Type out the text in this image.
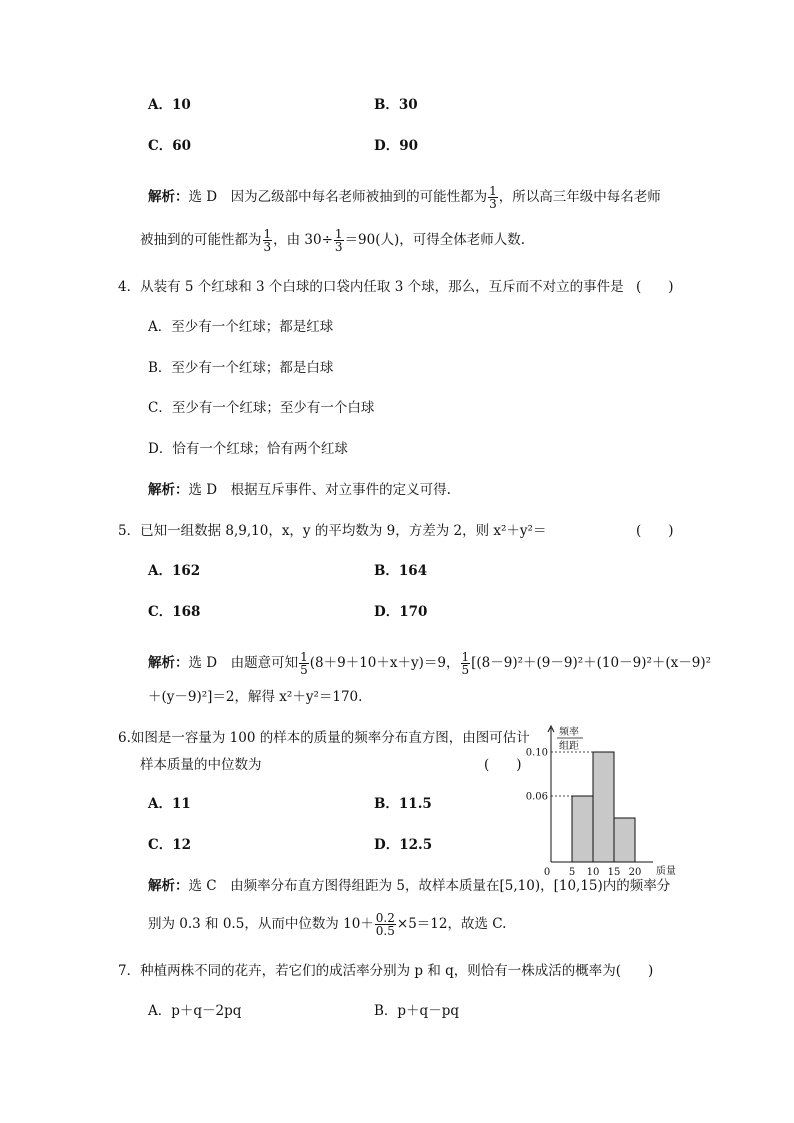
A．10	B．30
C．60	D．90
解析：选 D　因为乙级部中每名老师被抽到的可能性都为 $\frac{1}{3}$ ，所以高三年级中每名老师
被抽到的可能性都为 $\frac{1}{3}$ ，由 $30\div \frac{1}{3} =90$(人)，可得全体老师人数.
4．从装有 5 个红球和 3 个白球的口袋内任取 3 个球，那么，互斥而不对立的事件是 (　　)
A．至少有一个红球；都是红球
B．至少有一个红球；都是白球
C．至少有一个红球；至少有一个白球
D．恰有一个红球；恰有两个红球
解析：选 D　根据互斥事件、对立事件的定义可得.
5．已知一组数据 8,9,10，x，y 的平均数为 9，方差为 2，则 x²＋y²＝	(　　)
A．162	B．164
C．168	D．170
解析：选 D　由题意可知 $\frac{1}{5} (8+9+10+x+y)=9$， $\frac{1}{5} [(8-9)^2+(9-9)^2+(10-9)^2+(x-9)^2$
＋(y－9)²]＝2，解得 x²＋y²＝170.
6.如图是一容量为 100 的样本的质量的频率分布直方图，由图可估计
样本质量的中位数为	(　　)
A．11	B．11.5
C．12	D．12.5
0.06
0.10
0 5 10 15 20
频率
组距
质量
解析：选 C　由频率分布直方图得组距为 5，故样本质量在[5,10)，[10,15)内的频率分
别为 0.3 和 0.5，从而中位数为 $10+ \frac{0.2}{0.5} \times 5=12$，故选 C.
7．种植两株不同的花卉，若它们的成活率分别为 p 和 q，则恰有一株成活的概率为(　　)
A．p＋q－2pq	B．p＋q－pq
